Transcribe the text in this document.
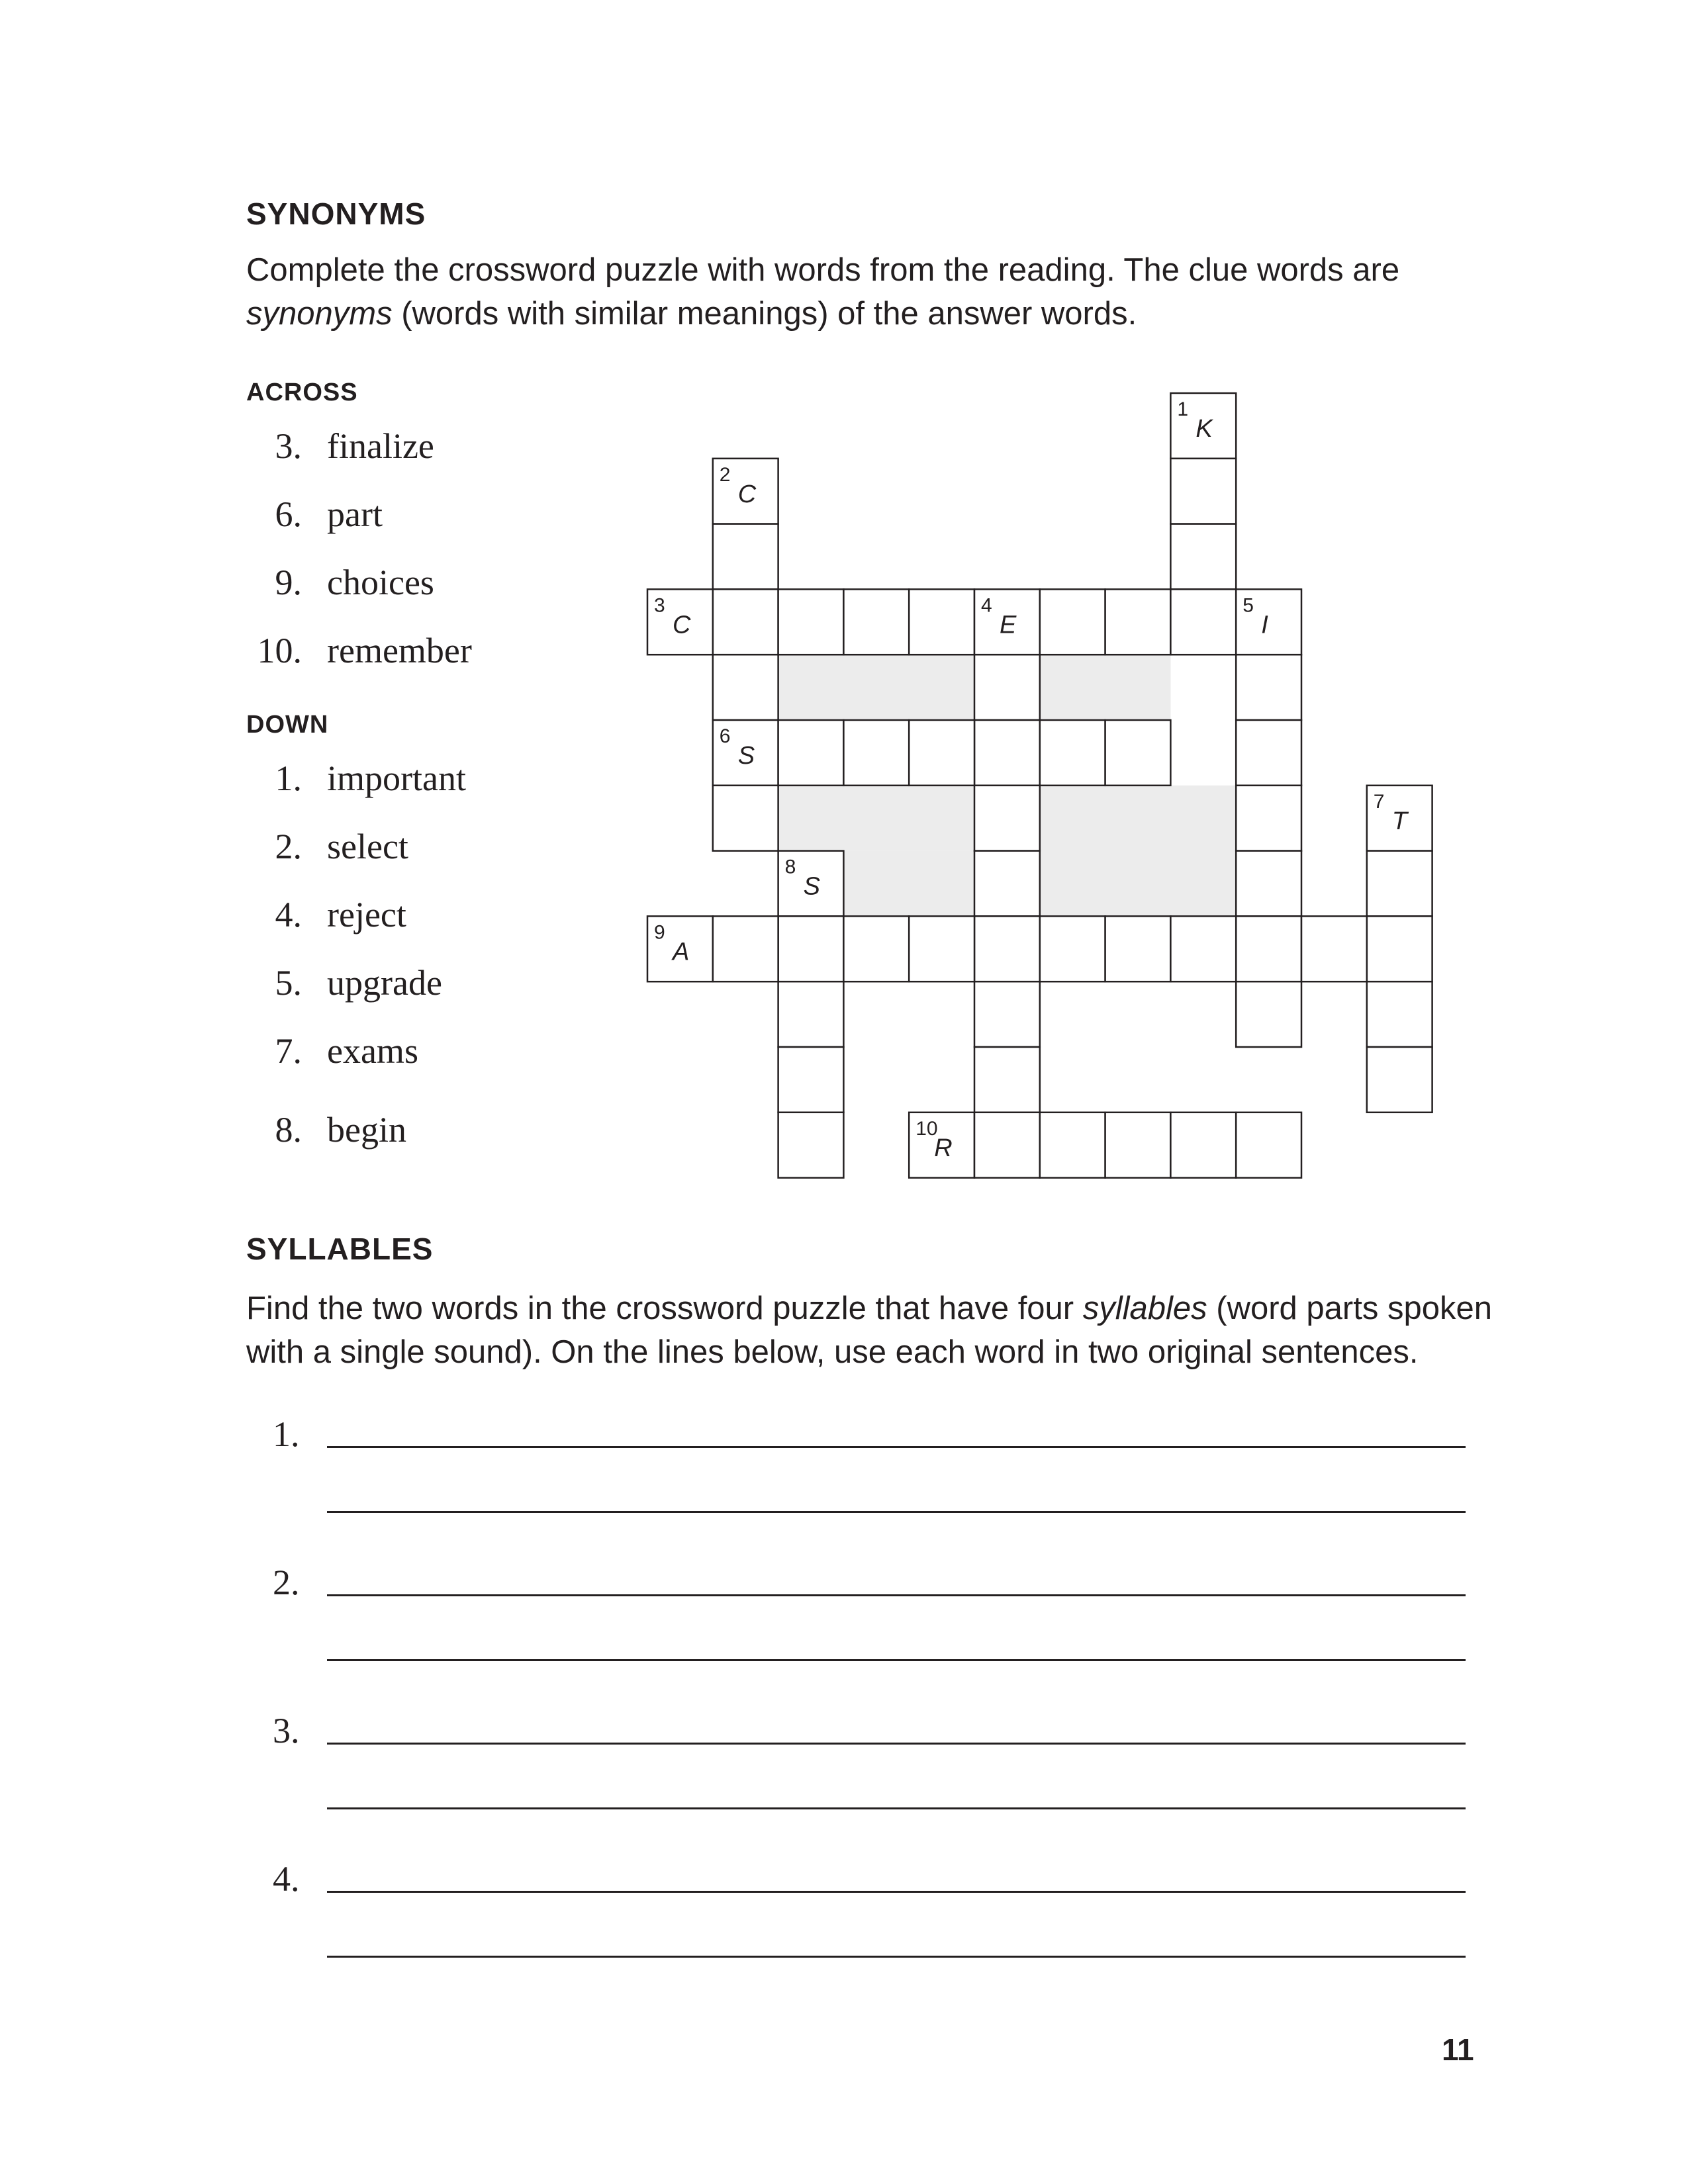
SYNONYMS
Complete the crossword puzzle with words from the reading. The clue words are
synonyms (words with similar meanings) of the answer words.
ACROSS
3. finalize
6. part
9. choices
10. remember
DOWN
1. important
2. select
4. reject
5. upgrade
7. exams
8. begin
1
K
2
C
3
C
4
E
5
I
6
S
7
T
8
S
9
A
10
R
SYLLABLES
Find the two words in the crossword puzzle that have four syllables (word parts spoken
with a single sound). On the lines below, use each word in two original sentences.
1.
2.
3.
4.
11
